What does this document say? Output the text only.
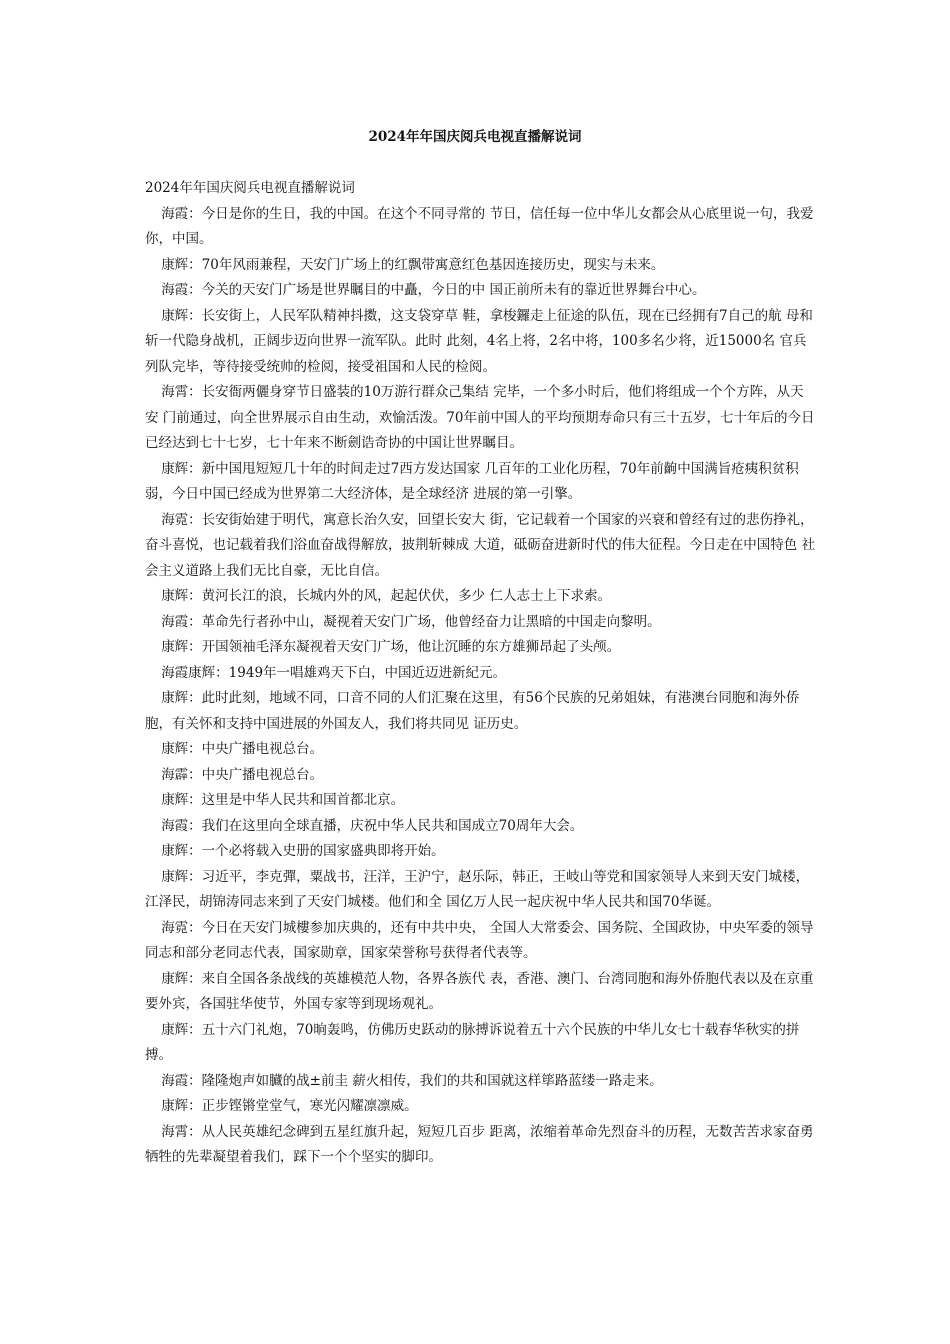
2024年年国庆阅兵电视直播解说词

2024年年国庆阅兵电视直播解说词

海霞：今日是你的生日，我的中国。在这个不同寻常的 节日，信任每一位中华儿女都会从心底里说一句，我爱你，中国。

康辉：70年风雨兼程，天安门广场上的红飘带寓意红色基因连接历史，现实与未来。

海霞：今关的天安门广场是世界瞩目的中矗，今日的中 国正前所未有的靠近世界舞台中心。

康辉：长安街上，人民军队精神抖擞，这支袋穿草 鞋，拿梭鑼走上征途的队伍，现在已经拥有7自己的航 母和斩一代隐身战机，正阔步迈向世界一流军队。此时 此刻，4名上将，2名中将，100多名少将，近15000名 官兵列队完毕，等待接受统帅的检阅，接受祖国和人民的检阅。

海霄：长安衙两儷身穿节日盛装的10万游行群众己集结 完毕，一个多小时后，他们将组成一个个方阵，从天安 门前通过，向全世界展示自由生动，欢愉活泼。70年前中国人的平均预期寿命只有三十五岁，七十年后的今日 已经达到七十七岁，七十年来不断劍诰奇协的中国让世界瞩目。

康辉：新中国甩短短几十年的时间走过7西方发达国家 几百年的工业化历程，70年前齣中国满旨疮痍积贫积 弱，今日中国已经成为世界第二大经济体，是全球经济 进展的第一引擎。

海霓：长安街始建于明代，寓意长治久安，回望长安大 街，它记载着一个国家的兴衰和曾经有过的悲伤挣礼， 奋斗喜悦，也记载着我们浴血奋战得解放，披荆斩棘成 大道，砥砺奋进新时代的伟大征程。今日走在中国特色 社会主义道路上我们无比自豪，无比自信。

康辉：黄河长江的浪，长城内外的风，起起伏伏，多少 仁人志士上下求索。

海霞：革命先行者孙中山，凝视着天安门广场，他曾经奋力让黑暗的中国走向黎明。

康辉：开国领袖毛泽东凝视着天安门广场，他让沉睡的东方雄狮昂起了头颅。

海霞康辉：1949年一唱雄鸡天下白，中国近迈进新紀元。

康辉：此时此刻，地域不同，口音不同的人们汇聚在这里，有56个民族的兄弟姐妹，有港澳台同胞和海外侨胞，有关怀和支持中国进展的外国友人，我们将共同见 证历史。

康辉：中央广播电视总台。

海霹：中央广播电视总台。

康辉：这里是中华人民共和国首都北京。

海霞：我们在这里向全球直播，庆祝中华人民共和国成立70周年大会。

康辉：一个必将载入史册的国家盛典即将开始。

康辉：习近平，李克彈，粟战书，汪洋，王沪宁，赵乐际，韩正，王岐山等党和国家领导人来到天安门城楼，江泽民，胡锦涛同志来到了天安门城楼。他们和全 国亿万人民一起庆祝中华人民共和国70华诞。

海霓：今日在天安门城樓参加庆典的，还有中共中央， 全国人大常委会、国务院、全国政协，中央军委的领导 同志和部分老同志代表，国家勋章，国家荣誉称号获得者代表等。

康辉：来自全国各条战线的英雄模范人物，各界各族代 表，香港、澳门、台湾同胞和海外侨胞代表以及在京重要外宾，各国驻华使节，外国专家等到现场观礼。

康辉：五十六门礼炮，70晌轰鸣，仿佛历史跃动的脉搏诉说着五十六个民族的中华儿女七十载春华秋实的拼搏。

海霞：隆隆炮声如臓的战±前圭 薪火相传，我们的共和国就这样筚路蓝缕一路走来。

康辉：正步铿锵堂堂气，寒光闪耀凛凛威。

海霄：从人民英雄纪念碑到五星红旗升起，短短几百步 距离，浓缩着革命先烈奋斗的历程，无数苦苦求家奋勇 牺牲的先辈凝望着我们，踩下一个个坚实的脚印。
